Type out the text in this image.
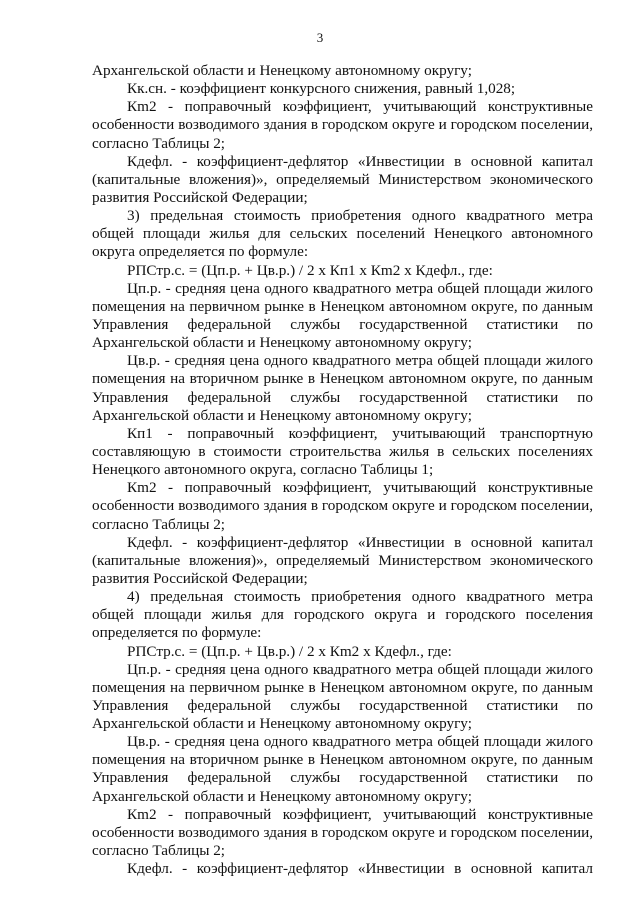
3
Архангельской области и Ненецкому автономному округу;
Кк.сн. - коэффициент конкурсного снижения, равный 1,028;
Кm2 - поправочный коэффициент, учитывающий конструктивные
особенности возводимого здания в городском округе и городском поселении,
согласно Таблицы 2;
Кдефл. - коэффициент-дефлятор «Инвестиции в основной капитал
(капитальные вложения)», определяемый Министерством экономического
развития Российской Федерации;
3) предельная стоимость приобретения одного квадратного метра
общей площади жилья для сельских поселений Ненецкого автономного
округа определяется по формуле:
РПСтр.с. = (Цп.р. + Цв.р.) / 2 x Кп1 x Кm2 x Кдефл., где:
Цп.р. - средняя цена одного квадратного метра общей площади жилого
помещения на первичном рынке в Ненецком автономном округе, по данным
Управления федеральной службы государственной статистики по
Архангельской области и Ненецкому автономному округу;
Цв.р. - средняя цена одного квадратного метра общей площади жилого
помещения на вторичном рынке в Ненецком автономном округе, по данным
Управления федеральной службы государственной статистики по
Архангельской области и Ненецкому автономному округу;
Кп1 - поправочный коэффициент, учитывающий транспортную
составляющую в стоимости строительства жилья в сельских поселениях
Ненецкого автономного округа, согласно Таблицы 1;
Кm2 - поправочный коэффициент, учитывающий конструктивные
особенности возводимого здания в городском округе и городском поселении,
согласно Таблицы 2;
Кдефл. - коэффициент-дефлятор «Инвестиции в основной капитал
(капитальные вложения)», определяемый Министерством экономического
развития Российской Федерации;
4) предельная стоимость приобретения одного квадратного метра
общей площади жилья для городского округа и городского поселения
определяется по формуле:
РПСтр.с. = (Цп.р. + Цв.р.) / 2 x Кm2 x Кдефл., где:
Цп.р. - средняя цена одного квадратного метра общей площади жилого
помещения на первичном рынке в Ненецком автономном округе, по данным
Управления федеральной службы государственной статистики по
Архангельской области и Ненецкому автономному округу;
Цв.р. - средняя цена одного квадратного метра общей площади жилого
помещения на вторичном рынке в Ненецком автономном округе, по данным
Управления федеральной службы государственной статистики по
Архангельской области и Ненецкому автономному округу;
Кm2 - поправочный коэффициент, учитывающий конструктивные
особенности возводимого здания в городском округе и городском поселении,
согласно Таблицы 2;
Кдефл. - коэффициент-дефлятор «Инвестиции в основной капитал
